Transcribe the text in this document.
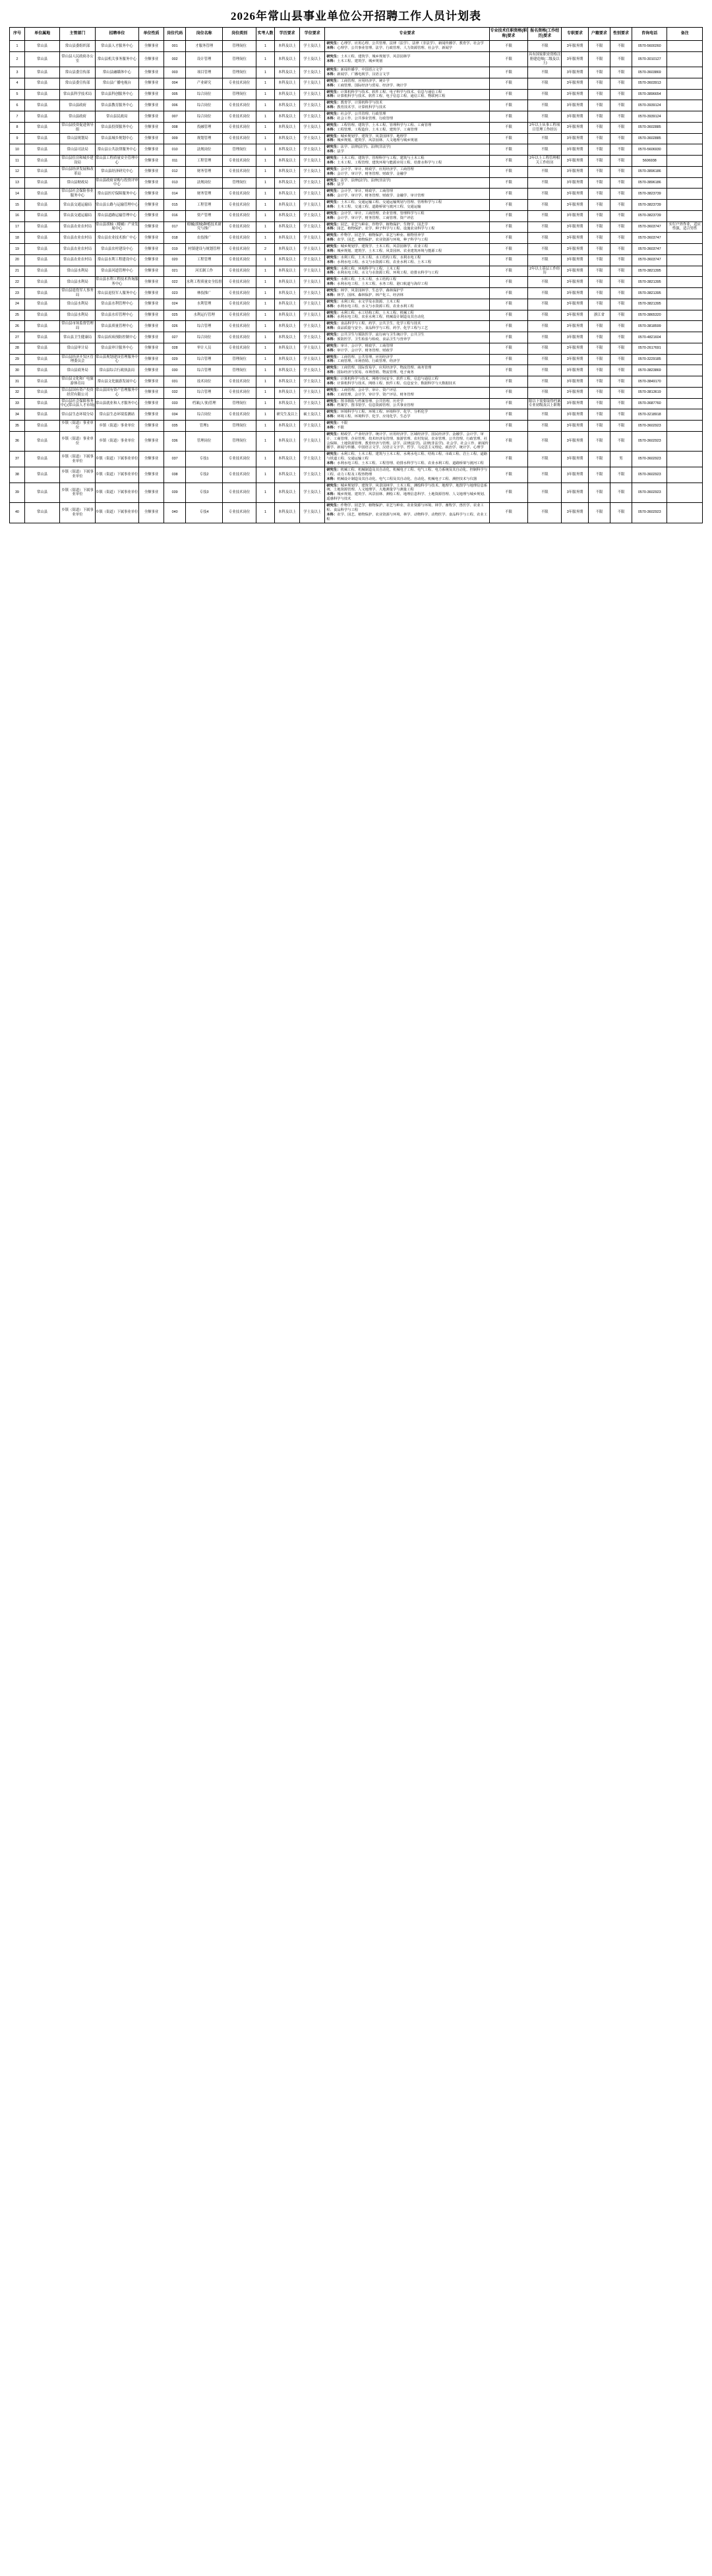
2026年常山县事业单位公开招聘工作人员计划表
序号	单位属地	主管部门	招聘单位	单位性质	岗位代码	岗位名称	岗位类别	实考人数	学历要求	学位要求	专业要求	专业技术任职资格(职称)要求	报名资格(工作经历)要求	专职要求	户籍要求	性别要求	咨询电话	备注
1	常山县	常山县委组织部	常山县人才服务中心	全额事业	001	才服务管理	管理岗位	1	本科及以上	学士及以上	研究生：心理学、应用心理、公共管理、法律（法学）、法律（非法学）、新闻传播学、教育学、社会学
本科：心理学、公共事业管理、法学、行政管理、人力资源管理、社会学、新闻学	不限	不限	3年服务期	不限	不限	0570-5600260	
2	常山县	常山县人民政府办公室	常山县机关事务服务中心	全额事业	002	设计管理	管理岗位	1	本科及以上	学士及以上	研究生：土木工程、建筑学、城乡规划学、风景园林学
本科：土木工程、建筑学、城乡规划	不限	具有国家职业资格注册建造师(二级及以上)	3年服务期	不限	不限	0570-3010127	
3	常山县	常山县委宣传部	常山县融媒体中心	全额事业	003	项目管理	管理岗位	1	本科及以上	学士及以上	研究生：新闻传播学、中国语言文学
本科：新闻学、广播电视学、汉语言文学	不限	不限	3年服务期	不限	不限	0570-3603869	
4	常山县	常山县委宣传部	常山县广播电视台	全额事业	004	产业研究	专业技术岗位	1	本科及以上	学士及以上	研究生：工商管理、应用经济学、统计学
本科：工商管理、国际经济与贸易、经济学、统计学	不限	不限	3年服务期	不限	不限	0570-3603913	
5	常山县	常山县科学技术局	常山县科创服务中心	全额事业	005	综合岗位	管理岗位	1	本科及以上	学士及以上	研究生：计算机科学与技术、软件工程、电子科学与技术、信息与通信工程
本科：计算机科学与技术、软件工程、电子信息工程、通信工程、物联网工程	不限	不限	3年服务期	不限	不限	0570-3896654	
6	常山县	常山县政府	常山县教育服务中心	全额事业	006	综合岗位	专业技术岗位	1	本科及以上	学士及以上	研究生：教育学、计算机科学与技术
本科：教育技术学、计算机科学与技术	不限	不限	3年服务期	不限	不限	0570-3939124	
7	常山县	常山县政府	常山县民政局	全额事业	007	综合岗位	专业技术岗位	1	本科及以上	学士及以上	研究生：社会学、公共管理、行政管理
本科：社会工作、公共事业管理、行政管理	不限	不限	3年服务期	不限	不限	0570-3939124	
8	常山县	常山县投资促进领导组	常山县投资服务中心	全额事业	008	投融管理	专业技术岗位	1	本科及以上	学士及以上	研究生：工程管理、建筑学、土木工程、管理科学与工程、工商管理
本科：工程管理、工程造价、土木工程、建筑学、工商管理	不限	2年以上从事工程项目管理工作经历	3年服务期	不限	不限	0570-3602885	
9	常山县	常山县规划局	常山县城乡规划中心	全额事业	009	规划管理	专业技术岗位	1	本科及以上	学士及以上	研究生：城乡规划学、建筑学、风景园林学、地理学
本科：城乡规划、建筑学、风景园林、人文地理与城乡规划	不限	不限	3年服务期	不限	不限	0570-3602885	
10	常山县	常山县司法局	常山县公共法律服务中心	全额事业	010	法规岗位	管理岗位	1	本科及以上	学士及以上	研究生：法学、法律(法学)、法律(非法学)
本科：法学	不限	不限	3年服务期	不限	不限	0570-5606930	
11	常山县	常山县住房和城乡建设局	常山县工程质量安全管理中心	全额事业	011	工程管理	专业技术岗位	1	本科及以上	学士及以上	研究生：土木工程、建筑学、管理科学与工程、建筑与土木工程
本科：土木工程、工程管理、建筑环境与能源应用工程、给排水科学与工程	不限	2年以上工程管理相关工作经历	3年服务期	不限	不限	5606938	
12	常山县	常山县经济发展和改革局	常山县经济研究中心	全额事业	012	财务管理	专业技术岗位	1	本科及以上	学士及以上	研究生：会计学、审计、财政学、应用经济学、工商管理
本科：会计学、审计学、财务管理、财政学、金融学	不限	不限	3年服务期	不限	不限	0570-3896186	
13	常山县	常山县财政局	常山县政府采购与投资评审中心	全额事业	013	法规岗位	管理岗位	1	本科及以上	学士及以上	研究生：法学、法律(法学)、法律(非法学)
本科：法学	不限	不限	3年服务期	不限	不限	0570-3896186	
14	常山县	常山县社会保险事业服务中心	常山县医疗保障服务中心	全额事业	014	财务管理	专业技术岗位	1	本科及以上	学士及以上	研究生：会计学、审计、财政学、工商管理
本科：会计学、审计学、财务管理、财政学、金融学、审计管理	不限	不限	3年服务期	不限	不限	0570-3823739	
15	常山县	常山县交通运输局	常山县公路与运输管理中心	全额事业	015	工程管理	专业技术岗位	1	本科及以上	学士及以上	研究生：土木工程、交通运输工程、交通运输规划与管理、管理科学与工程
本科：土木工程、交通工程、道路桥梁与渡河工程、交通运输	不限	不限	3年服务期	不限	不限	0570-3823739	
16	常山县	常山县交通运输局	常山县道路运输管理中心	全额事业	016	资产管理	专业技术岗位	1	本科及以上	学士及以上	研究生：会计学、审计、工商管理、企业管理、管理科学与工程
本科：会计学、审计学、财务管理、工商管理、资产评估	不限	不限	3年服务期	不限	不限	0570-3823739	
17	常山县	常山县农业农村局	常山县胡柚（柑橘）产业发展中心	全额事业	017	柑橘(胡柚)种植技术研究与推广	专业技术岗位	1	本科及以上	学士及以上	研究生：园艺、农艺与种业、作物学、植物保护、生物学、园艺学
本科：园艺、植物保护、农学、种子科学与工程、设施农业科学与工程	不限	不限	3年服务期	不限	不限	0570-3603747	实行户外作业，适应性强，适合男性
18	常山县	常山县农业农村局	常山县农业技术推广中心	全额事业	018	农技推广	专业技术岗位	1	本科及以上	学士及以上	研究生：作物学、园艺学、植物保护、农艺与种业、植物营养学
本科：农学、园艺、植物保护、农业资源与环境、种子科学与工程	不限	不限	3年服务期	不限	不限	0570-3603747	
19	常山县	常山县农业农村局	常山县农村建设中心	全额事业	019	村镇建设与规划管理	专业技术岗位	2	本科及以上	学士及以上	研究生：城乡规划学、建筑学、土木工程、风景园林学、农业工程
本科：城乡规划、建筑学、土木工程、风景园林、农业建筑环境与能源工程	不限	不限	3年服务期	不限	不限	0570-3603747	
20	常山县	常山县农业农村局	常山县水利工程建设中心	全额事业	020	工程管理	专业技术岗位	1	本科及以上	学士及以上	研究生：水利工程、土木工程、水工结构工程、水利水电工程
本科：水利水电工程、水文与水资源工程、农业水利工程、土木工程	不限	不限	3年服务期	不限	不限	0570-3603747	
21	常山县	常山县水利局	常山县河道管理中心	全额事业	021	河长制工作	专业技术岗位	1	本科及以上	学士及以上	研究生：水利工程、环境科学与工程、土木工程
本科：水利水电工程、水文与水资源工程、环境工程、给排水科学与工程	不限	2年以上基层工作经历	3年服务期	不限	不限	0570-3821395	
22	常山县	常山县水利局	常山县水利工程技术咨询服务中心	全额事业	022	水利工程质量安全监督	专业技术岗位	1	本科及以上	学士及以上	研究生：水利工程、土木工程、水工结构工程
本科：水利水电工程、土木工程、水务工程、港口航道与海岸工程	不限	不限	3年服务期	不限	不限	0570-3821395	
23	常山县	常山县退役军人事务局	常山县退役军人服务中心	全额事业	023	林技推广	专业技术岗位	1	本科及以上	学士及以上	研究生：林学、风景园林学、生态学、森林保护学
本科：林学、园林、森林保护、林产化工、经济林	不限	不限	3年服务期	不限	不限	0570-3821395	
24	常山县	常山县水利局	常山县水利管理中心	全额事业	024	水利管理	专业技术岗位	1	本科及以上	学士及以上	研究生：水利工程、水文学及水资源、土木工程
本科：水利水电工程、水文与水资源工程、农业水利工程	不限	不限	3年服务期	不限	不限	0570-3821395	
25	常山县	常山县水利局	常山县水库管理中心	全额事业	025	水利运行管理	专业技术岗位	1	本科及以上	学士及以上	研究生：水利工程、水工结构工程、土木工程、机械工程
本科：水利水电工程、农业水利工程、机械设计制造及其自动化	不限	不限	3年服务期	浙江省	不限	0570-3865320	
26	常山县	常山县市场监督管理局	常山县质量管理中心	全额事业	026	综合管理	专业技术岗位	1	本科及以上	学士及以上	研究生：食品科学与工程、药学、公共卫生、化学工程与技术
本科：食品质量与安全、食品科学与工程、药学、化学工程与工艺	不限	不限	3年服务期	不限	不限	0570-3818599	
27	常山县	常山县卫生健康局	常山县疾病预防控制中心	全额事业	027	综合岗位	专业技术岗位	1	本科及以上	学士及以上	研究生：公共卫生与预防医学、流行病与卫生统计学、公共卫生
本科：预防医学、卫生检验与检疫、食品卫生与营养学	不限	不限	3年服务期	不限	不限	0570-4821604	
28	常山县	常山县审计局	常山县审计服务中心	全额事业	028	审计人员	专业技术岗位	1	本科及以上	学士及以上	研究生：审计、会计学、财政学、工商管理
本科：审计学、会计学、财务管理、财政学	不限	不限	3年服务期	不限	不限	0570-2617691	
29	常山县	常山县经济开发区管理委员会	常山县规划建设管理服务中心	全额事业	029	综合管理	管理岗位	1	本科及以上	学士及以上	研究生：工商管理、公共管理、应用经济学
本科：工商管理、市场营销、行政管理、经济学	不限	不限	3年服务期	不限	不限	0570-3229185	
30	常山县	常山县商务局	常山县综合行政执法局	全额事业	030	综合管理	管理岗位	1	本科及以上	学士及以上	研究生：工商管理、国际贸易学、应用经济学、物流管理、商务管理
本科：国际经济与贸易、市场营销、物流管理、电子商务	不限	不限	3年服务期	不限	不限	0570-3823869	
31	常山县	常山县文化和广电旅游体育局	常山县文化旅游发展中心	全额事业	031	技术岗位	专业技术岗位	1	本科及以上	学士及以上	研究生：计算机科学与技术、网络空间安全、软件工程、信息与通信工程
本科：计算机科学与技术、网络工程、软件工程、信息安全、数据科学与大数据技术	不限	不限	3年服务期	不限	不限	0570-3849170	
32	常山县	常山县国有资产投资经营有限公司	常山县国有资产管理服务中心	全额事业	032	综合管理	专业技术岗位	1	本科及以上	学士及以上	研究生：工商管理、会计学、审计、资产评估
本科：工商管理、会计学、审计学、资产评估、财务管理	不限	不限	3年服务期	不限	不限	0570-3813619	
33	常山县	常山县社会保障事务中心(常山县人才市场)	常山县就业和人才服务中心	全额事业	033	档案(人事)管理	管理岗位	1	本科及以上	学士及以上	研究生：图书情报与档案管理、公共管理、历史学
本科：档案学、图书馆学、信息资源管理、公共事业管理	不限	限以下需要取得档案专业初级及以上职称	3年服务期	不限	不限	0570-3687760	
34	常山县	常山县生态环境分局	常山县生态环境监测站	全额事业	034	综合岗位	专业技术岗位	1	研究生及以上	硕士及以上	研究生：环境科学与工程、环境工程、环境科学、化学、分析化学
本科：环境工程、环境科学、化学、应用化学、生态学	不限	不限	3年服务期	不限	不限	0570-3218918	
35	常山县	乡镇（街道）事业单位	乡镇（街道）事业单位	全额事业	035	管理1	管理岗位	1	本科及以上	学士及以上	研究生：不限
本科：不限	不限	不限	3年服务期	不限	不限	0570-3602923	
36	常山县	乡镇（街道）事业单位	乡镇（街道）事业单位	全额事业	036	管理岗位	管理岗位	1	本科及以上	学士及以上	研究生：财政学、产业经济学、统计学、应用经济学、区域经济学、国民经济学、金融学、会计学、审计、工商管理、企业管理、技术经济及管理、旅游管理、农村发展、农业管理、公共管理、行政管理、社会保障、土地资源管理、教育经济与管理、法学、法律(法学)、法律(非法学)、社会学、社会工作、新闻传播学、新闻与传播、中国语言文学、汉语言文字学、哲学、马克思主义理论、政治学、统计学、心理学	不限	不限	3年服务期	不限	不限	0570-3602923	
37	常山县	乡镇（街道）下属事业单位	乡镇（街道）下属事业单位	全额事业	037	专技1	专业技术岗位	1	本科及以上	学士及以上	研究生：水利工程、土木工程、建筑与土木工程、水利水电工程、结构工程、市政工程、岩土工程、道路与铁道工程、交通运输工程
本科：水利水电工程、土木工程、工程管理、给排水科学与工程、农业水利工程、道路桥梁与渡河工程	不限	不限	3年服务期	不限	男	0570-3602923	
38	常山县	乡镇（街道）下属事业单位	乡镇（街道）下属事业单位	全额事业	038	专技2	专业技术岗位	1	本科及以上	学士及以上	研究生：机械工程、机械制造及其自动化、机械电子工程、电气工程、电力系统及其自动化、控制科学与工程、动力工程及工程热物理
本科：机械设计制造及其自动化、电气工程及其自动化、自动化、机械电子工程、测控技术与仪器	不限	不限	3年服务期	不限	不限	0570-3602923	
39	常山县	乡镇（街道）下属事业单位	乡镇（街道）下属事业单位	全额事业	039	专技3	专业技术岗位	1	本科及以上	学士及以上	研究生：城乡规划学、建筑学、风景园林学、土木工程、测绘科学与技术、地理学、地图学与地理信息系统、土地资源管理、人文地理学、大地测量学与测量工程
本科：城乡规划、建筑学、风景园林、测绘工程、地理信息科学、土地资源管理、人文地理与城乡规划、遥感科学与技术	不限	不限	3年服务期	不限	不限	0570-3602923	
40	常山县	乡镇（街道）下属事业单位	乡镇（街道）下属事业单位	全额事业	040	专技4	专业技术岗位	1	本科及以上	学士及以上	研究生：作物学、园艺学、植物保护、农艺与种业、农业资源与环境、林学、畜牧学、兽医学、农业工程、食品科学与工程
本科：农学、园艺、植物保护、农业资源与环境、林学、动物科学、动物医学、食品科学与工程、农业工程	不限	不限	3年服务期	不限	不限	0570-3602923	
